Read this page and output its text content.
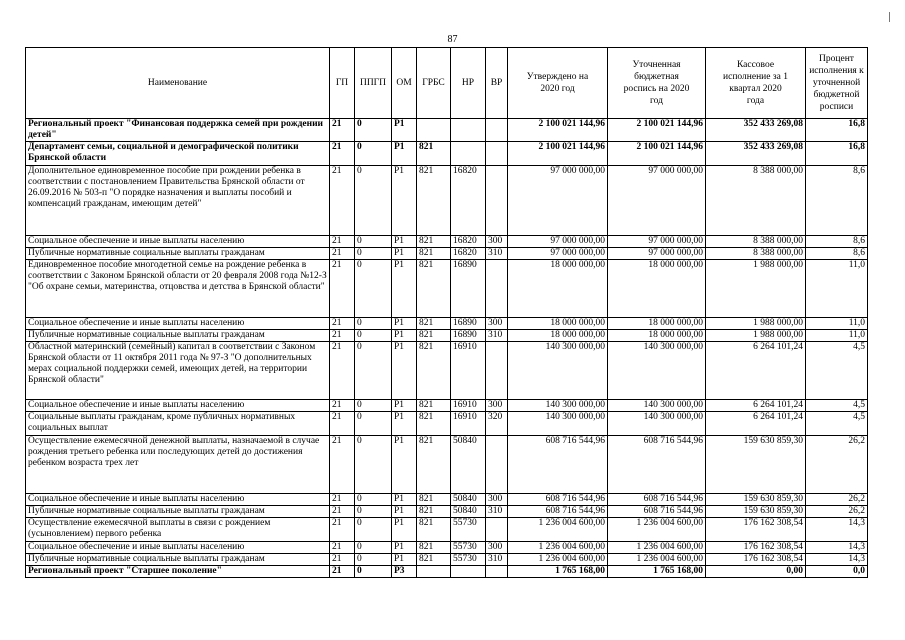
87
Наименование	ГП	ППГП	ОМ	ГРБС	НР	ВР	Утверждено на 2020 год	Уточненная бюджетная роспись на 2020 год	Кассовое исполнение за 1 квартал 2020 года	Процент исполнения к уточненной бюджетной росписи
Региональный проект "Финансовая поддержка семей при рождении детей"	21	0	P1				2 100 021 144,96	2 100 021 144,96	352 433 269,08	16,8
Департамент семьи, социальной и демографической политики Брянской области	21	0	P1	821			2 100 021 144,96	2 100 021 144,96	352 433 269,08	16,8
Дополнительное единовременное пособие при рождении ребенка в соответствии с постановлением Правительства Брянской области от 26.09.2016 № 503-п "О порядке назначения и выплаты пособий и компенсаций гражданам, имеющим детей"	21	0	P1	821	16820		97 000 000,00	97 000 000,00	8 388 000,00	8,6
Социальное обеспечение и иные выплаты населению	21	0	P1	821	16820	300	97 000 000,00	97 000 000,00	8 388 000,00	8,6
Публичные нормативные социальные выплаты гражданам	21	0	P1	821	16820	310	97 000 000,00	97 000 000,00	8 388 000,00	8,6
Единовременное пособие многодетной семье на рождение ребенка в соответствии с Законом Брянской области от 20 февраля 2008 года №12-З "Об охране семьи, материнства, отцовства и детства в Брянской области"	21	0	P1	821	16890		18 000 000,00	18 000 000,00	1 988 000,00	11,0
Социальное обеспечение и иные выплаты населению	21	0	P1	821	16890	300	18 000 000,00	18 000 000,00	1 988 000,00	11,0
Публичные нормативные социальные выплаты гражданам	21	0	P1	821	16890	310	18 000 000,00	18 000 000,00	1 988 000,00	11,0
Областной материнский (семейный) капитал в соответствии с Законом Брянской области от 11 октября 2011 года № 97-З "О дополнительных мерах социальной поддержки семей, имеющих детей, на территории Брянской области"	21	0	P1	821	16910		140 300 000,00	140 300 000,00	6 264 101,24	4,5
Социальное обеспечение и иные выплаты населению	21	0	P1	821	16910	300	140 300 000,00	140 300 000,00	6 264 101,24	4,5
Социальные выплаты гражданам, кроме публичных нормативных социальных выплат	21	0	P1	821	16910	320	140 300 000,00	140 300 000,00	6 264 101,24	4,5
Осуществление ежемесячной денежной выплаты, назначаемой в случае рождения третьего ребенка или последующих детей до достижения ребенком возраста трех лет	21	0	P1	821	50840		608 716 544,96	608 716 544,96	159 630 859,30	26,2
Социальное обеспечение и иные выплаты населению	21	0	P1	821	50840	300	608 716 544,96	608 716 544,96	159 630 859,30	26,2
Публичные нормативные социальные выплаты гражданам	21	0	P1	821	50840	310	608 716 544,96	608 716 544,96	159 630 859,30	26,2
Осуществление ежемесячной выплаты в связи с рождением (усыновлением) первого ребенка	21	0	P1	821	55730		1 236 004 600,00	1 236 004 600,00	176 162 308,54	14,3
Социальное обеспечение и иные выплаты населению	21	0	P1	821	55730	300	1 236 004 600,00	1 236 004 600,00	176 162 308,54	14,3
Публичные нормативные социальные выплаты гражданам	21	0	P1	821	55730	310	1 236 004 600,00	1 236 004 600,00	176 162 308,54	14,3
Региональный проект "Старшее поколение"	21	0	P3				1 765 168,00	1 765 168,00	0,00	0,0
